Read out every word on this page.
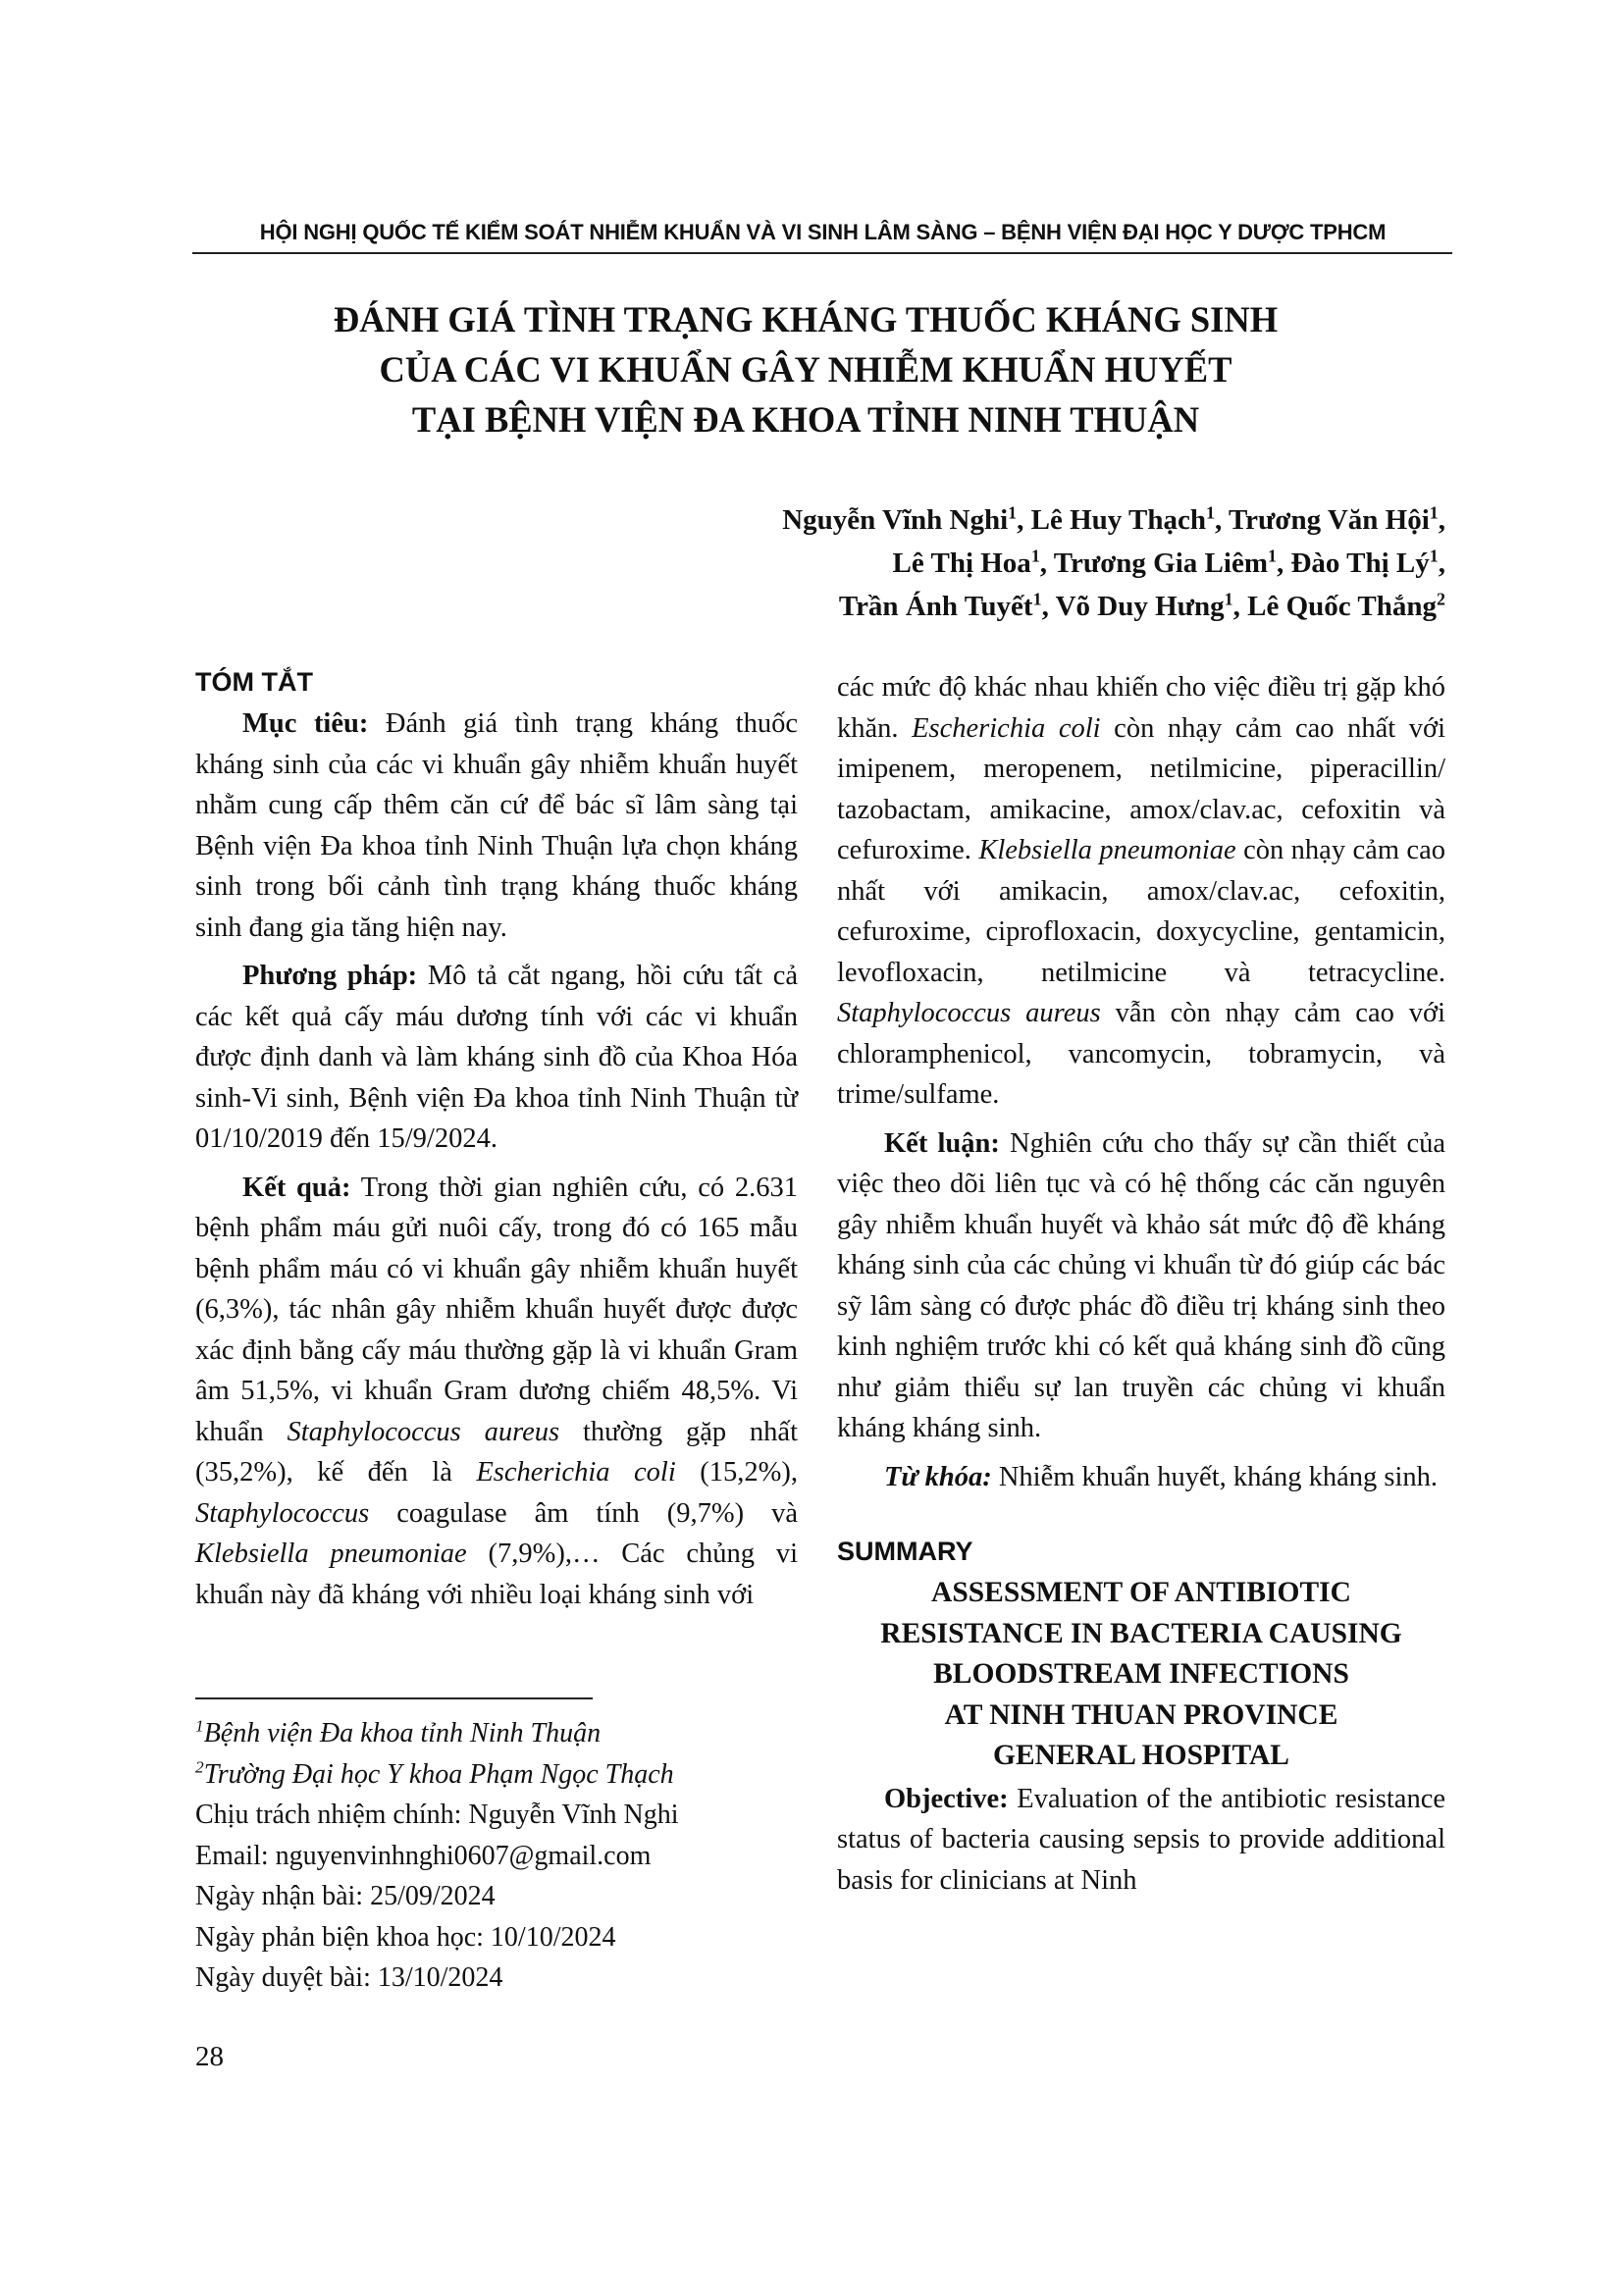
HỘI NGHỊ QUỐC TẾ KIỂM SOÁT NHIỄM KHUẨN VÀ VI SINH LÂM SÀNG – BỆNH VIỆN ĐẠI HỌC Y DƯỢC TPHCM
ĐÁNH GIÁ TÌNH TRẠNG KHÁNG THUỐC KHÁNG SINH
CỦA CÁC VI KHUẨN GÂY NHIỄM KHUẨN HUYẾT
TẠI BỆNH VIỆN ĐA KHOA TỈNH NINH THUẬN
Nguyễn Vĩnh Nghi$^1$, Lê Huy Thạch$^1$, Trương Văn Hội$^1$,
Lê Thị Hoa$^1$, Trương Gia Liêm$^1$, Đào Thị $Lý^1$,
Trần Ánh Tuyết$^1$, Võ Duy Hưng$^1$, Lê Quốc Thắng$^2$
TÓM TẮT

Mục tiêu: Đánh giá tình trạng kháng thuốc kháng sinh của các vi khuẩn gây nhiễm khuẩn huyết nhằm cung cấp thêm căn cứ để bác sĩ lâm sàng tại Bệnh viện Đa khoa tỉnh Ninh Thuận lựa chọn kháng sinh trong bối cảnh tình trạng kháng thuốc kháng sinh đang gia tăng hiện nay.

Phương pháp: Mô tả cắt ngang, hồi cứu tất cả các kết quả cấy máu dương tính với các vi khuẩn được định danh và làm kháng sinh đồ của Khoa Hóa sinh-Vi sinh, Bệnh viện Đa khoa tỉnh Ninh Thuận từ 01/10/2019 đến 15/9/2024.

Kết quả: Trong thời gian nghiên cứu, có 2.631 bệnh phẩm máu gửi nuôi cấy, trong đó có 165 mẫu bệnh phẩm máu có vi khuẩn gây nhiễm khuẩn huyết (6,3%), tác nhân gây nhiễm khuẩn huyết được được xác định bằng cấy máu thường gặp là vi khuẩn Gram âm 51,5%, vi khuẩn Gram dương chiếm 48,5%. Vi khuẩn Staphylococcus aureus thường gặp nhất (35,2%), kế đến là Escherichia coli (15,2%), Staphylococcus coagulase âm tính (9,7%) và Klebsiella pneumoniae (7,9%),… Các chủng vi khuẩn này đã kháng với nhiều loại kháng sinh với

$^1$Bệnh viện Đa khoa tỉnh Ninh Thuận
$^2$Trường Đại học Y khoa Phạm Ngọc Thạch
Chịu trách nhiệm chính: Nguyễn Vĩnh Nghi
Email: nguyenvinhnghi0607@gmail.com
Ngày nhận bài: 25/09/2024
Ngày phản biện khoa học: 10/10/2024
Ngày duyệt bài: 13/10/2024
28

các mức độ khác nhau khiến cho việc điều trị gặp khó khăn. Escherichia coli còn nhạy cảm cao nhất với imipenem, meropenem, netilmicine, piperacillin/ tazobactam, amikacine, amox/clav.ac, cefoxitin và cefuroxime. Klebsiella pneumoniae còn nhạy cảm cao nhất với amikacin, amox/clav.ac, cefoxitin, cefuroxime, ciprofloxacin, doxycycline, gentamicin, levofloxacin, netilmicine và tetracycline. Staphylococcus aureus vẫn còn nhạy cảm cao với chloramphenicol, vancomycin, tobramycin, và trime/sulfame.

Kết luận: Nghiên cứu cho thấy sự cần thiết của việc theo dõi liên tục và có hệ thống các căn nguyên gây nhiễm khuẩn huyết và khảo sát mức độ đề kháng kháng sinh của các chủng vi khuẩn từ đó giúp các bác sỹ lâm sàng có được phác đồ điều trị kháng sinh theo kinh nghiệm trước khi có kết quả kháng sinh đồ cũng như giảm thiểu sự lan truyền các chủng vi khuẩn kháng kháng sinh.

Từ khóa: Nhiễm khuẩn huyết, kháng kháng sinh.

SUMMARY
ASSESSMENT OF ANTIBIOTIC
RESISTANCE IN BACTERIA CAUSING
BLOODSTREAM INFECTIONS
AT NINH THUAN PROVINCE
GENERAL HOSPITAL

Objective: Evaluation of the antibiotic resistance status of bacteria causing sepsis to provide additional basis for clinicians at Ninh
